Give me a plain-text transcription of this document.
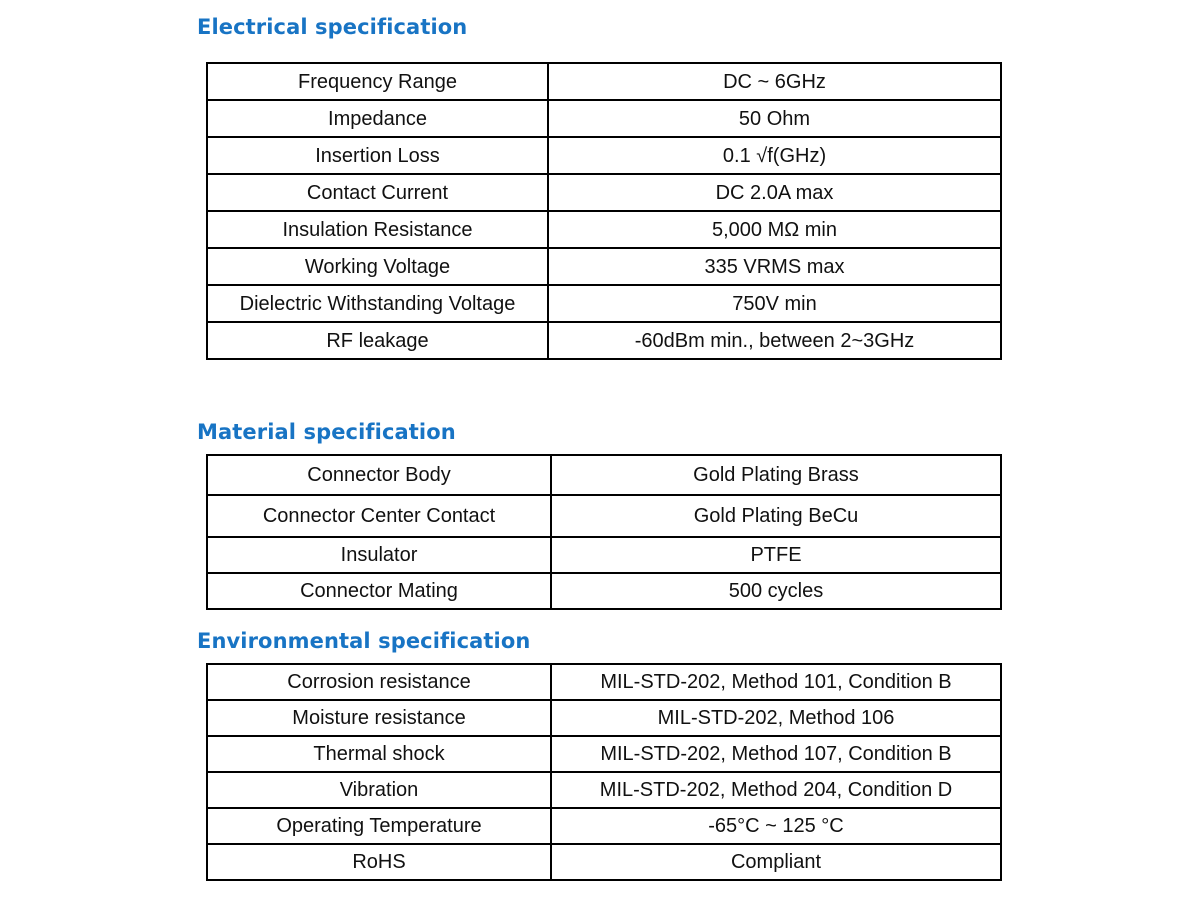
Electrical specification
Frequency Range	DC ~ 6GHz
Impedance	50 Ohm
Insertion Loss	0.1 √f(GHz)
Contact Current	DC 2.0A max
Insulation Resistance	5,000 MΩ min
Working Voltage	335 VRMS max
Dielectric Withstanding Voltage	750V min
RF leakage	-60dBm min., between 2~3GHz
Material specification
Connector Body	Gold Plating Brass
Connector Center Contact	Gold Plating BeCu
Insulator	PTFE
Connector Mating	500 cycles
Environmental specification
Corrosion resistance	MIL-STD-202, Method 101, Condition B
Moisture resistance	MIL-STD-202, Method 106
Thermal shock	MIL-STD-202, Method 107, Condition B
Vibration	MIL-STD-202, Method 204, Condition D
Operating Temperature	-65°C ~ 125 °C
RoHS	Compliant
